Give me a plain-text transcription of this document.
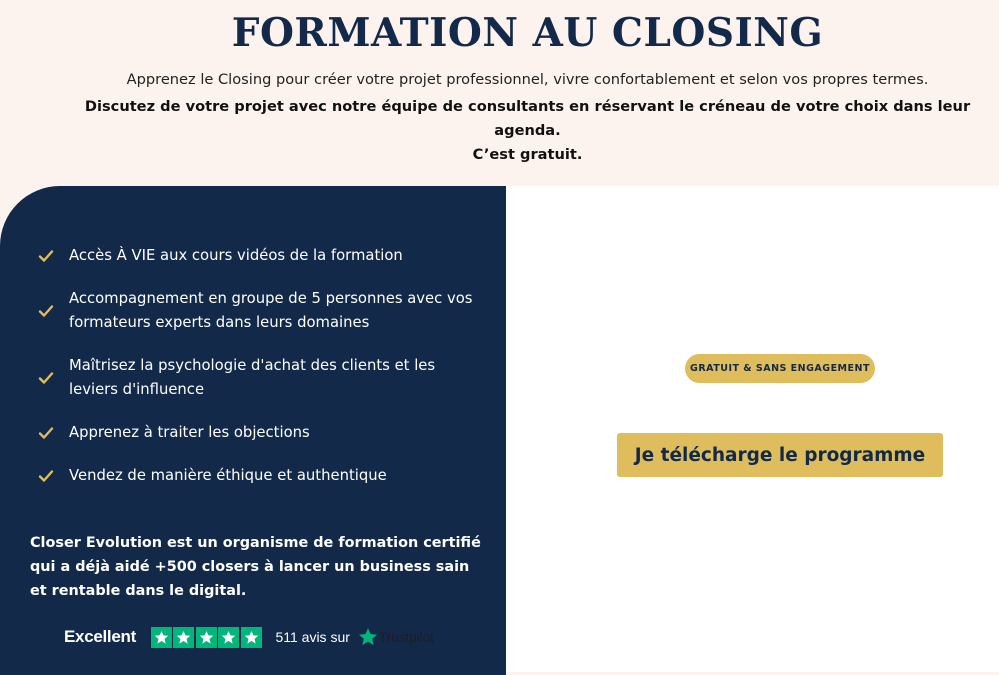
FORMATION AU CLOSING

Apprenez le Closing pour créer votre projet professionnel, vivre confortablement et selon vos propres termes.

Discutez de votre projet avec notre équipe de consultants en réservant le créneau de votre choix dans leur agenda.
C’est gratuit.
Accès À VIE aux cours vidéos de la formation
Accompagnement en groupe de 5 personnes avec vos formateurs experts dans leurs domaines
Maîtrisez la psychologie d'achat des clients et les leviers d'influence
Apprenez à traiter les objections
Vendez de manière éthique et authentique

Closer Evolution est un organisme de formation certifié qui a déjà aidé +500 closers à lancer un business sain et rentable dans le digital.

Excellent	511 avis sur Trustpilot
GRATUIT & SANS ENGAGEMENT
Je télécharge le programme
